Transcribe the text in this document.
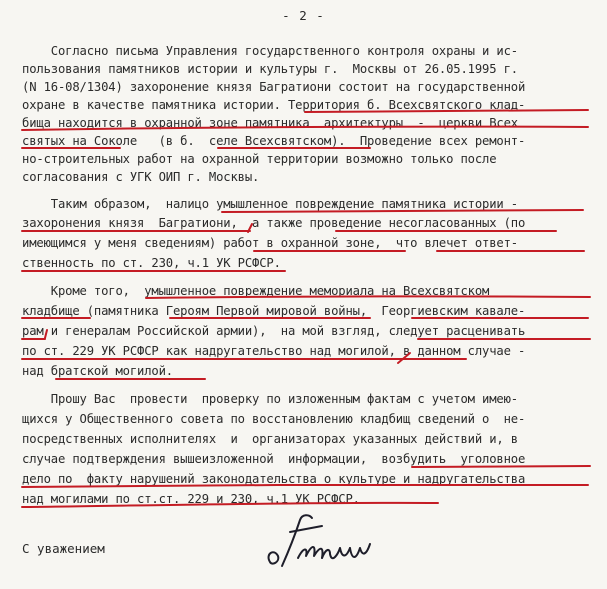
- 2 -
Согласно письма Управления государственного контроля охраны и ис-
пользования памятников истории и культуры г.  Москвы от 26.05.1995 г.
(N 16-08/1304) захоронение князя Багратиони состоит на государственной
охране в качестве памятника истории. Территория б. Всехсвятского клад-
бища находится в охранной зоне памятника  архитектуры  -  церкви Всех
святых на Соколе   (в б.  селе Всехсвятском).  Проведение всех ремонт-
но-строительных работ на охранной территории возможно только после
согласования с УГК ОИП г. Москвы.
Таким образом,  налицо умышленное повреждение памятника истории -
захоронения князя  Багратиони,  а также проведение несогласованных (по
имеющимся у меня сведениям) работ в охранной зоне,  что влечет ответ-
ственность по ст. 230, ч.1 УК РСФСР.
Кроме того,  умышленное повреждение мемориала на Всехсвятском
кладбище (памятника Героям Первой мировой войны,  Георгиевским кавале-
рам и генералам Российской армии),  на мой взгляд, следует расценивать
по ст. 229 УК РСФСР как надругательство над могилой, в данном случае -
над братской могилой.
Прошу Вас  провести  проверку по изложенным фактам с учетом имею-
щихся у Общественного совета по восстановлению кладбищ сведений о  не-
посредственных исполнителях  и  организаторах указанных действий и, в
случае подтверждения вышеизложенной  информации,  возбудить  уголовное
дело по  факту нарушений законодательства о культуре и надругательства
над могилами по ст.ст. 229 и 230, ч.1 УК РСФСР.
С уважением
